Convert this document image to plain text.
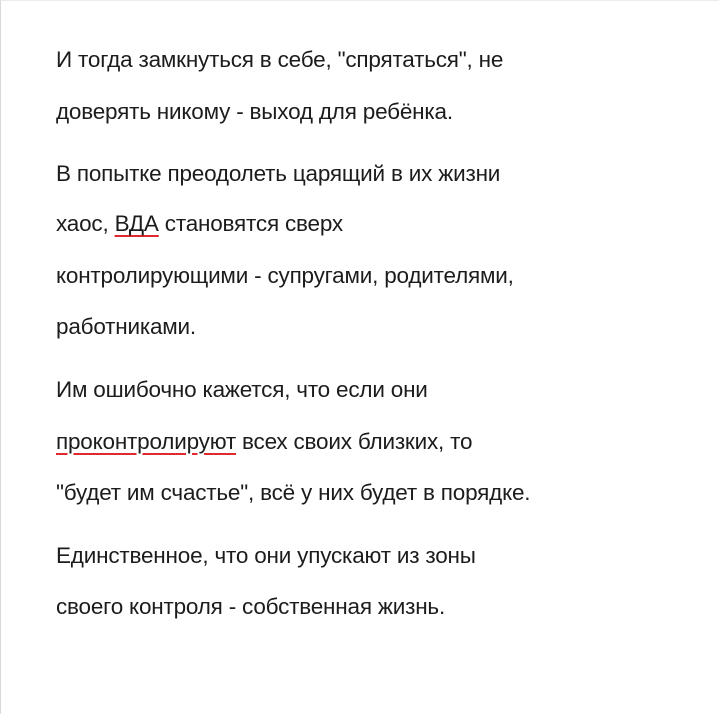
И тогда замкнуться в себе, "спрятаться", не
доверять никому - выход для ребёнка.
В попытке преодолеть царящий в их жизни
хаос, ВДА становятся сверх
контролирующими - супругами, родителями,
работниками.
Им ошибочно кажется, что если они
проконтролируют всех своих близких, то
"будет им счастье", всё у них будет в порядке.
Единственное, что они упускают из зоны
своего контроля - собственная жизнь.
